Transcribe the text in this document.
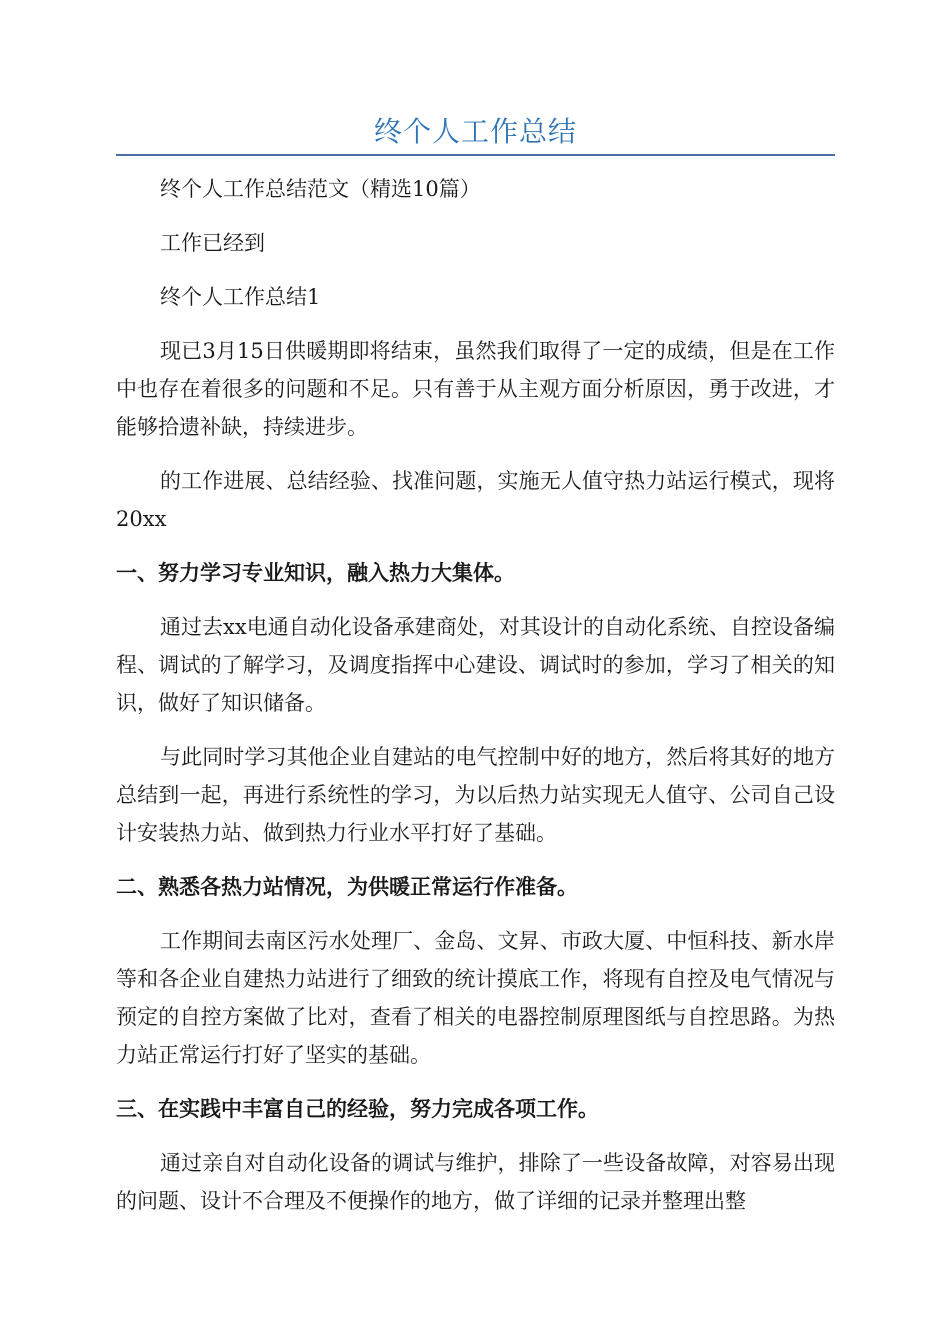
终个人工作总结

终个人工作总结范文（精选10篇）

工作已经到

终个人工作总结1

现已3月15日供暖期即将结束，虽然我们取得了一定的成绩，但是在工作中也存在着很多的问题和不足。只有善于从主观方面分析原因，勇于改进，才能够拾遗补缺，持续进步。

的工作进展、总结经验、找准问题，实施无人值守热力站运行模式，现将20xx

一、努力学习专业知识，融入热力大集体。

通过去xx电通自动化设备承建商处，对其设计的自动化系统、自控设备编程、调试的了解学习，及调度指挥中心建设、调试时的参加，学习了相关的知识，做好了知识储备。

与此同时学习其他企业自建站的电气控制中好的地方，然后将其好的地方总结到一起，再进行系统性的学习，为以后热力站实现无人值守、公司自己设计安装热力站、做到热力行业水平打好了基础。

二、熟悉各热力站情况，为供暖正常运行作准备。

工作期间去南区污水处理厂、金岛、文昇、市政大厦、中恒科技、新水岸等和各企业自建热力站进行了细致的统计摸底工作，将现有自控及电气情况与预定的自控方案做了比对，查看了相关的电器控制原理图纸与自控思路。为热力站正常运行打好了坚实的基础。

三、在实践中丰富自己的经验，努力完成各项工作。

通过亲自对自动化设备的调试与维护，排除了一些设备故障，对容易出现的问题、设计不合理及不便操作的地方，做了详细的记录并整理出整
